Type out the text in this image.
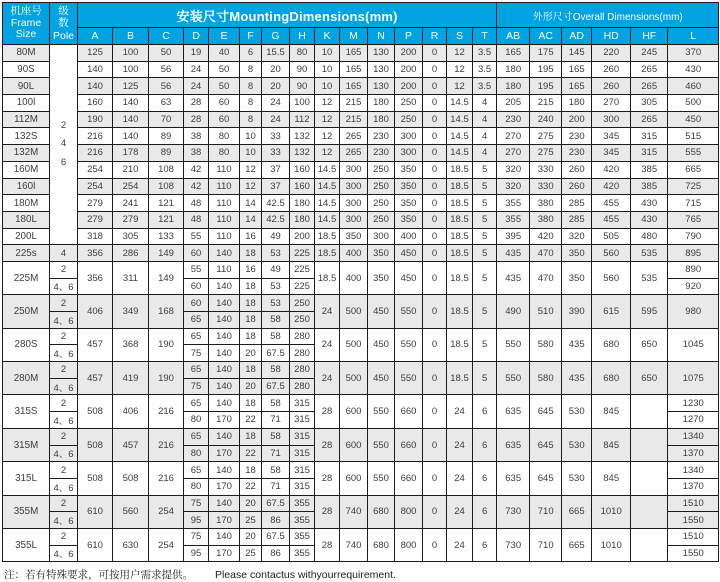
机座号
Frame
Size

级
数
Pole
	安装尺寸MountingDimensions(mm)	外形尺寸Overall Dimensions(mm)
		A	B	C	D	E	F	G	H	K	M	N	P	R	S	T	AB	AC	AD	HD	HF	L
80M	2
4
6	125	100	50	19	40	6	15.5	80	10	165	130	200	0	12	3.5	165	175	145	220	245	370
90S		140	100	56	24	50	8	20	90	10	165	130	200	0	12	3.5	180	195	165	260	265	430
90L		140	125	56	24	50	8	20	90	10	165	130	200	0	12	3.5	180	195	165	260	265	460
100l		160	140	63	28	60	8	24	100	12	215	180	250	0	14.5	4	205	215	180	270	305	500
112M		190	140	70	28	60	8	24	112	12	215	180	250	0	14.5	4	230	240	200	300	265	450
132S		216	140	89	38	80	10	33	132	12	265	230	300	0	14.5	4	270	275	230	345	315	515
132M		216	178	89	38	80	10	33	132	12	265	230	300	0	14.5	4	270	275	230	345	315	555
160M		254	210	108	42	110	12	37	160	14.5	300	250	350	0	18.5	5	320	330	260	420	385	665
160l		254	254	108	42	110	12	37	160	14.5	300	250	350	0	18.5	5	320	330	260	420	385	725
180M		279	241	121	48	110	14	42.5	180	14.5	300	250	350	0	18.5	5	355	380	285	455	430	715
180L		279	279	121	48	110	14	42.5	180	14.5	300	250	350	0	18.5	5	355	380	285	455	430	765
200L		318	305	133	55	110	16	49	200	18.5	350	300	400	0	18.5	5	395	420	320	505	480	790
225s	4	356	286	149	60	140	18	53	225	18.5	400	350	450	0	18.5	5	435	470	350	560	535	895
225M	2	356	311	149	55	110	16	49	225	18.5	400	350	450	0	18.5	5	435	470	350	560	535	890
	4、6				60	140	18	53	225													920
250M	2	406	349	168	60	140	18	53	250	24	500	450	550	0	18.5	5	490	510	390	615	595	980
	4、6				65	140	18	58	250													
280S	2	457	368	190	65	140	18	58	280	24	500	450	550	0	18.5	5	550	580	435	680	650	1045
	4、6				75	140	20	67.5	280													
280M	2	457	419	190	65	140	18	58	280	24	500	450	550	0	18.5	5	550	580	435	680	650	1075
	4、6				75	140	20	67.5	280													
315S	2	508	406	216	65	140	18	58	315	28	600	550	660	0	24	6	635	645	530	845		1230
	4、6				80	170	22	71	315													1270
315M	2	508	457	216	65	140	18	58	315	28	600	550	660	0	24	6	635	645	530	845		1340
	4、6				80	170	22	71	315													1370
315L	2	508	508	216	65	140	18	58	315	28	600	550	660	0	24	6	635	645	530	845		1340
	4、6				80	170	22	71	315													1370
355M	2	610	560	254	75	140	20	67.5	355	28	740	680	800	0	24	6	730	710	665	1010		1510
	4、6				95	170	25	86	355													1550
355L	2	610	630	254	75	140	20	67.5	355	28	740	680	800	0	24	6	730	710	665	1010		1510
	4、6				95	170	25	86	355													1550
注：若有特殊要求，可按用户需求提供。 Please contactus withyourrequirement.
